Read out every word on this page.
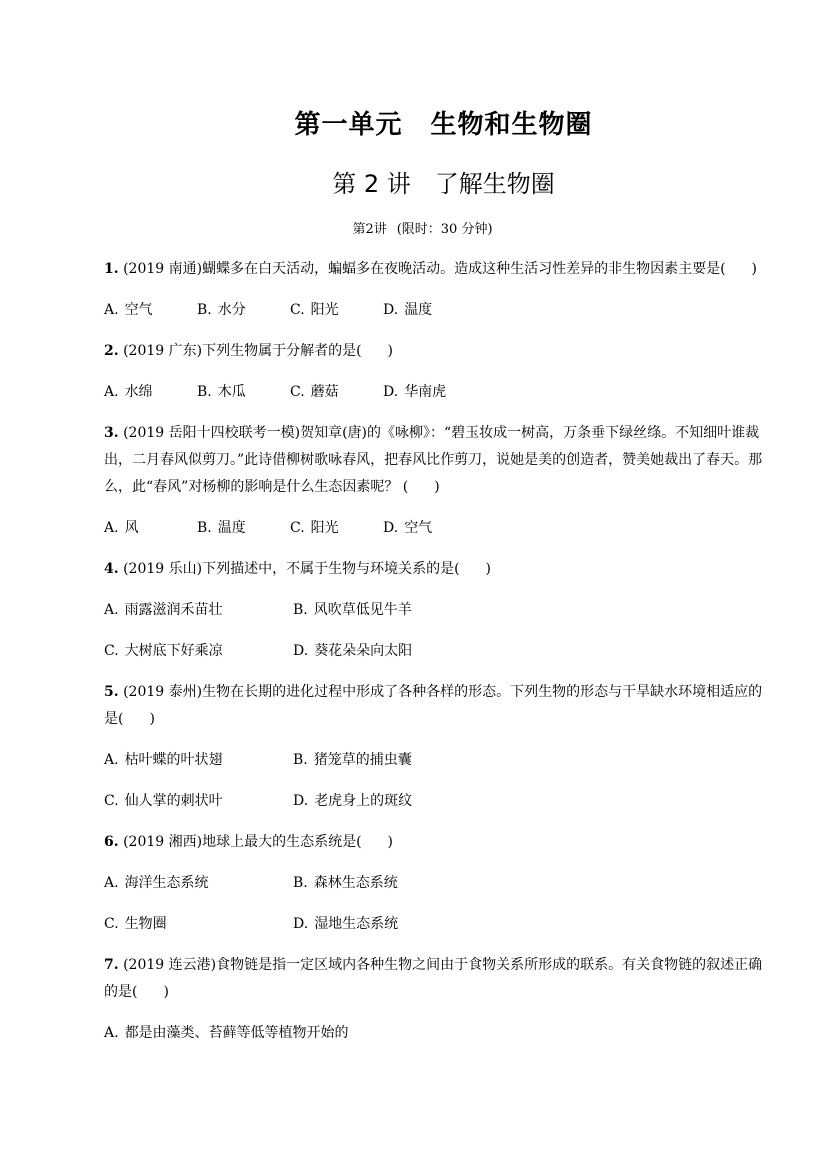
第一单元 生物和生物圈
第 2 讲 了解生物圈
第2讲 (限时：30 分钟)
1. (2019 南通)蝴蝶多在白天活动，蝙蝠多在夜晚活动。造成这种生活习性差异的非生物因素主要是( )
A. 空气	B. 水分	C. 阳光	D. 温度
2. (2019 广东)下列生物属于分解者的是( )
A. 水绵	B. 木瓜	C. 蘑菇	D. 华南虎
3. (2019 岳阳十四校联考一模)贺知章(唐)的《咏柳》：“碧玉妆成一树高，万条垂下绿丝绦。不知细叶谁裁出，二月春风似剪刀。”此诗借柳树歌咏春风，把春风比作剪刀，说她是美的创造者，赞美她裁出了春天。那么，此“春风”对杨柳的影响是什么生态因素呢？ ( )
A. 风	B. 温度	C. 阳光	D. 空气
4. (2019 乐山)下列描述中，不属于生物与环境关系的是( )
A. 雨露滋润禾苗壮	B. 风吹草低见牛羊
C. 大树底下好乘凉	D. 葵花朵朵向太阳
5. (2019 泰州)生物在长期的进化过程中形成了各种各样的形态。下列生物的形态与干旱缺水环境相适应的是( )
A. 枯叶蝶的叶状翅	B. 猪笼草的捕虫囊
C. 仙人掌的刺状叶	D. 老虎身上的斑纹
6. (2019 湘西)地球上最大的生态系统是( )
A. 海洋生态系统	B. 森林生态系统
C. 生物圈	D. 湿地生态系统
7. (2019 连云港)食物链是指一定区域内各种生物之间由于食物关系所形成的联系。有关食物链的叙述正确的是( )
A. 都是由藻类、苔藓等低等植物开始的
